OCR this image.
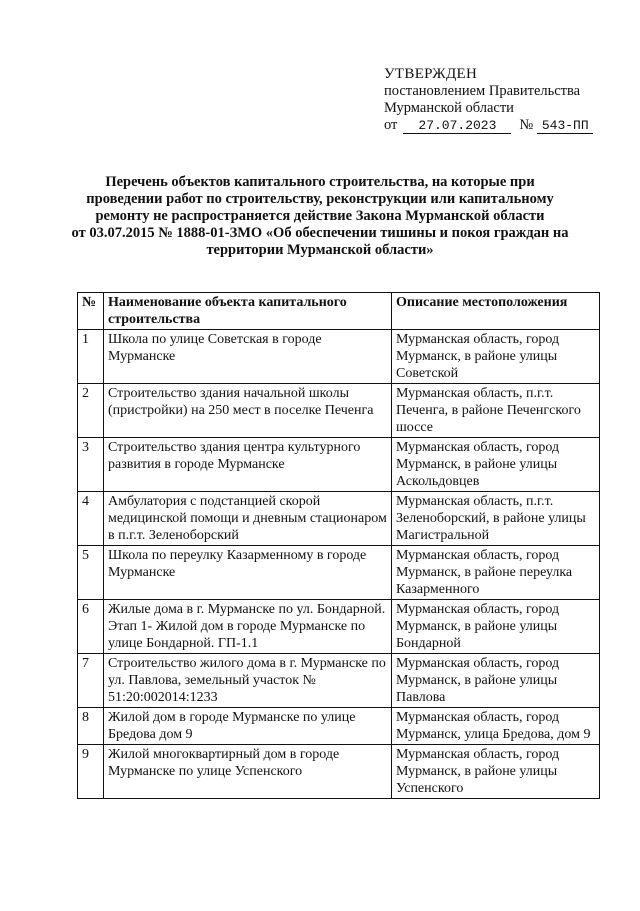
УТВЕРЖДЕН
постановлением Правительства
Мурманской области
от 27.07.2023 № 543-ПП
Перечень объектов капитального строительства, на которые при
проведении работ по строительству, реконструкции или капитальному
ремонту не распространяется действие Закона Мурманской области
от 03.07.2015 № 1888-01-ЗМО «Об обеспечении тишины и покоя граждан на
территории Мурманской области»
№	Наименование объекта капитального строительства	Описание местоположения
1	Школа по улице Советская в городе Мурманске	Мурманская область, город Мурманск, в районе улицы Советской
2	Строительство здания начальной школы (пристройки) на 250 мест в поселке Печенга	Мурманская область, п.г.т. Печенга, в районе Печенгского шоссе
3	Строительство здания центра культурного развития в городе Мурманске	Мурманская область, город Мурманск, в районе улицы Аскольдовцев
4	Амбулатория с подстанцией скорой медицинской помощи и дневным стационаром в п.г.т. Зеленоборский	Мурманская область, п.г.т. Зеленоборский, в районе улицы Магистральной
5	Школа по переулку Казарменному в городе Мурманске	Мурманская область, город Мурманск, в районе переулка Казарменного
6	Жилые дома в г. Мурманске по ул. Бондарной. Этап 1- Жилой дом в городе Мурманске по улице Бондарной. ГП-1.1	Мурманская область, город Мурманск, в районе улицы Бондарной
7	Строительство жилого дома в г. Мурманске по ул. Павлова, земельный участок № 51:20:002014:1233	Мурманская область, город Мурманск, в районе улицы Павлова
8	Жилой дом в городе Мурманске по улице Бредова дом 9	Мурманская область, город Мурманск, улица Бредова, дом 9
9	Жилой многоквартирный дом в городе Мурманске по улице Успенского	Мурманская область, город Мурманск, в районе улицы Успенского
